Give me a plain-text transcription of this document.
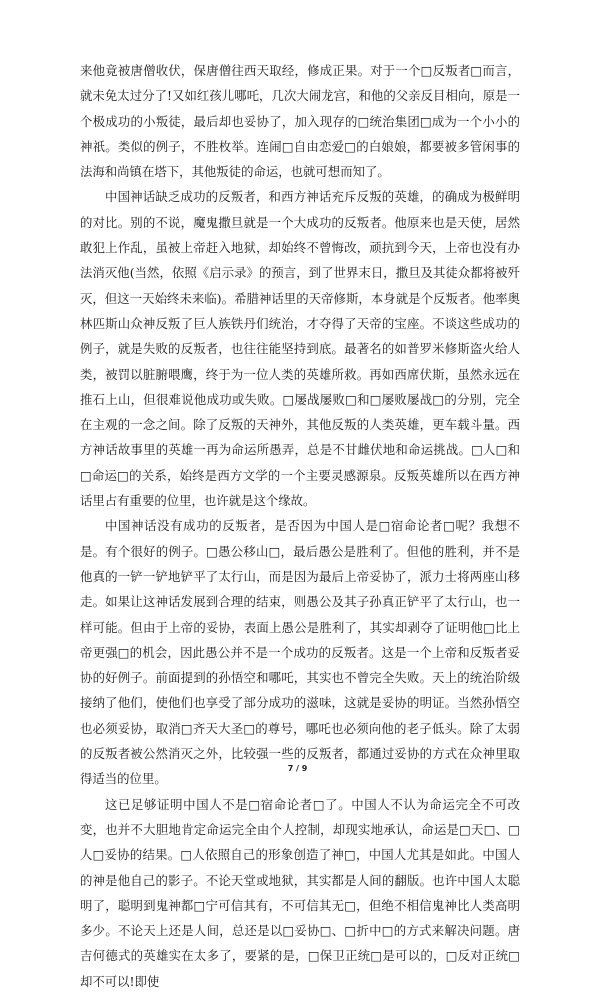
来他竟被唐僧收伏，保唐僧往西天取经，修成正果。对于一个□反叛者□而言，就未免太过分了!又如红孩儿哪吒，几次大闹龙宫，和他的父亲反目相向，原是一个极成功的小叛徒，最后却也妥协了，加入现存的□统治集团□成为一个小小的神祇。类似的例子，不胜枚举。连闹□自由恋爱□的白娘娘，都要被多管闲事的法海和尚镇在塔下，其他叛徒的命运，也就可想而知了。

中国神话缺乏成功的反叛者，和西方神话充斥反叛的英雄，的确成为极鲜明的对比。别的不说，魔鬼撒旦就是一个大成功的反叛者。他原来也是天使，居然敢犯上作乱，虽被上帝赶入地狱，却始终不曾悔改，顽抗到今天，上帝也没有办法消灭他(当然，依照《启示录》的预言，到了世界末日，撒旦及其徒众都将被歼灭，但这一天始终未来临)。希腊神话里的天帝修斯，本身就是个反叛者。他率奥林匹斯山众神反叛了巨人族铁丹们统治，才夺得了天帝的宝座。不谈这些成功的例子，就是失败的反叛者，也往往能坚持到底。最著名的如普罗米修斯盗火给人类，被罚以脏腑喂鹰，终于为一位人类的英雄所救。再如西席伏斯，虽然永远在推石上山，但很难说他成功或失败。□屡战屡败□和□屡败屡战□的分别，完全在主观的一念之间。除了反叛的天神外，其他反叛的人类英雄，更车载斗量。西方神话故事里的英雄一再为命运所愚弄，总是不甘雌伏地和命运挑战。□人□和□命运□的关系，始终是西方文学的一个主要灵感源泉。反叛英雄所以在西方神话里占有重要的位里，也许就是这个缘故。

中国神话没有成功的反叛者，是否因为中国人是□宿命论者□呢？我想不是。有个很好的例子。□愚公移山□，最后愚公是胜利了。但他的胜利，并不是他真的一铲一铲地铲平了太行山，而是因为最后上帝妥协了，派力士将两座山移走。如果让这神话发展到合理的结束，则愚公及其子孙真正铲平了太行山，也一样可能。但由于上帝的妥协，表面上愚公是胜利了，其实却剥夺了证明他□比上帝更强□的机会，因此愚公并不是一个成功的反叛者。这是一个上帝和反叛者妥协的好例子。前面提到的孙悟空和哪吒，其实也不曾完全失败。天上的统治阶级接纳了他们，使他们也享受了部分成功的滋味，这就是妥协的明证。当然孙悟空也必须妥协，取消□齐天大圣□的尊号，哪吒也必须向他的老子低头。除了太弱的反叛者被公然消灭之外，比较强一些的反叛者，都通过妥协的方式在众神里取得适当的位里。

这已足够证明中国人不是□宿命论者□了。中国人不认为命运完全不可改变，也并不大胆地肯定命运完全由个人控制，却现实地承认，命运是□天□、□人□妥协的结果。□人依照自己的形象创造了神□，中国人尤其是如此。中国人的神是他自己的影子。不论天堂或地狱，其实都是人间的翻版。也许中国人太聪明了，聪明到鬼神都□宁可信其有，不可信其无□，但绝不相信鬼神比人类高明多少。不论天上还是人间，总还是以□妥协□、□折中□的方式来解决问题。唐吉何德式的英雄实在太多了，要紧的是，□保卫正统□是可以的，□反对正统□却不可以!即使

7 / 9
